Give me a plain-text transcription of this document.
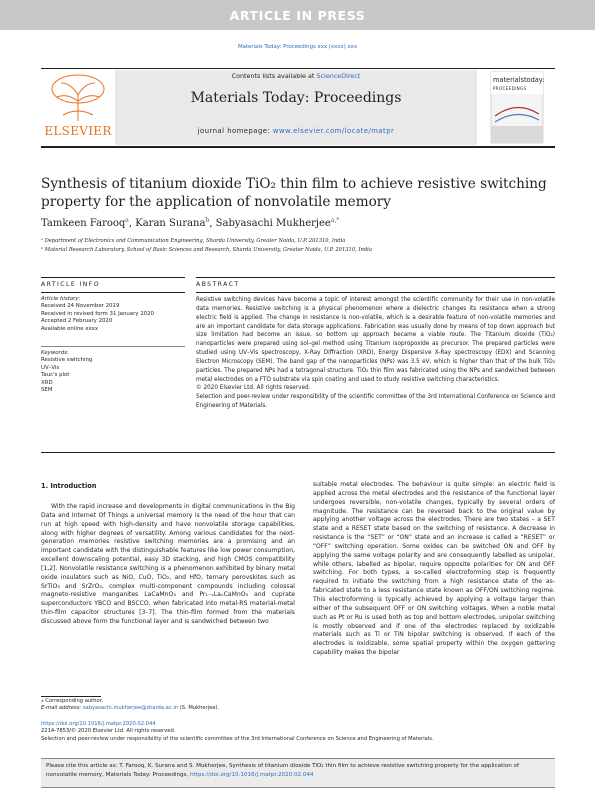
ARTICLE IN PRESS
Materials Today: Proceedings xxx (xxxx) xxx
ELSEVIER
Contents lists available at ScienceDirect
Materials Today: Proceedings
journal homepage: www.elsevier.com/locate/matpr
materialstoday:
PROCEEDINGS
Synthesis of titanium dioxide TiO₂ thin film to achieve resistive switching property for the application of nonvolatile memory
Tamkeen Farooq$^a$, Karan Surana$^b$, Sabyasachi Mukherjee$^{a,*}$
ᵃ Department of Electronics and Communication Engineering, Sharda University, Greater Noida, U.P. 201310, India
ᵇ Material Research Laboratory, School of Basic Sciences and Research, Sharda University, Greater Noida, U.P. 201310, India
ARTICLE INFO	ABSTRACT
Article history:
Received 24 November 2019
Received in revised form 31 January 2020
Accepted 2 February 2020
Available online xxxx
Keywords:
Resistive switching
UV–Vis
Tauc's plot
XRD
SEM
Resistive switching devices have become a topic of interest amongst the scientific community for their use in non-volatile data memories. Resistive switching is a physical phenomenon where a dielectric changes its resistance when a strong electric field is applied. The change in resistance is non-volatile, which is a desirable feature of non-volatile memories and are an important candidate for data storage applications. Fabrication was usually done by means of top down approach but size limitation had become an issue, so bottom up approach became a viable route. The Titanium dioxide (TiO₂) nanoparticles were prepared using sol–gel method using Titanium isopropoxide as precursor. The prepared particles were studied using UV–Vis spectroscopy, X-Ray Diffraction (XRD), Energy Dispersive X-Ray spectroscopy (EDX) and Scanning Electron Microscopy (SEM). The band gap of the nanoparticles (NPs) was 3.5 eV, which is higher than that of the bulk TiO₂ particles. The prepared NPs had a tetragonal structure. TiO₂ thin film was fabricated using the NPs and sandwiched between metal electrodes on a FTO substrate via spin coating and used to study resistive switching characteristics.
© 2020 Elsevier Ltd. All rights reserved.
Selection and peer-review under responsibility of the scientific committee of the 3rd International Conference on Science and Engineering of Materials.
1. Introduction
With the rapid increase and developments in digital communications in the Big Data and Internet Of Things a universal memory is the need of the hour that can run at high speed with high-density and have nonvolatile storage capabilities, along with higher degrees of versatility. Among various candidates for the next-generation memories resistive switching memories are a promising and an important candidate with the distinguishable features like low power consumption, excellent downscaling potential, easy 3D stacking, and high CMOS compatibility [1,2]. Nonvolatile resistance switching is a phenomenon exhibited by binary metal oxide insulators such as NiO, CuO, TiO₂, and HfO, ternary perovskites such as SrTiO₃ and SrZrO₃, complex multi-component compounds including colossal magneto-resistive manganites LaCaMnO₃ and Pr₁₋ₓLaₓCaMnO₃ and cuprate superconductors YBCO and BSCCO, when fabricated into metal-RS material-metal thin-film capacitor structures [3–7]. The thin-film formed from the materials discussed above form the functional layer and is sandwiched between two
suitable metal electrodes. The behaviour is quite simple: an electric field is applied across the metal electrodes and the resistance of the functional layer undergoes reversible, non-volatile changes, typically by several orders of magnitude. The resistance can be reversed back to the original value by applying another voltage across the electrodes. There are two states – a SET state and a RESET state based on the switching of resistance. A decrease in resistance is the “SET” or “ON” state and an increase is called a “RESET” or “OFF” switching operation. Some oxides can be switched ON and OFF by applying the same voltage polarity and are consequently labelled as unipolar, while others, labelled as bipolar, require opposite polarities for ON and OFF switching. For both types, a so-called electroforming step is frequently required to initiate the switching from a high resistance state of the as-fabricated state to a less resistance state known as OFF/ON switching regime. This electroforming is typically achieved by applying a voltage larger than either of the subsequent OFF or ON switching voltages. When a noble metal such as Pt or Ru is used both as top and bottom electrodes, unipolar switching is mostly observed and if one of the electrodes replaced by oxidizable materials such as Ti or TiN bipolar switching is observed. If each of the electrodes is oxidizable, some spatial property within the oxygen gettering capability makes the bipolar
⁎ Corresponding author.
E-mail address: sabyasachi.mukherjee@sharda.ac.in (S. Mukherjee).
https://doi.org/10.1016/j.matpr.2020.02.044
2214-7853/© 2020 Elsevier Ltd. All rights reserved.
Selection and peer-review under responsibility of the scientific committee of the 3rd International Conference on Science and Engineering of Materials.
Please cite this article as: T. Farooq, K. Surana and S. Mukherjee, Synthesis of titanium dioxide TiO₂ thin film to achieve resistive switching property for the application of nonvolatile memory, Materials Today: Proceedings, https://doi.org/10.1016/j.matpr.2020.02.044
